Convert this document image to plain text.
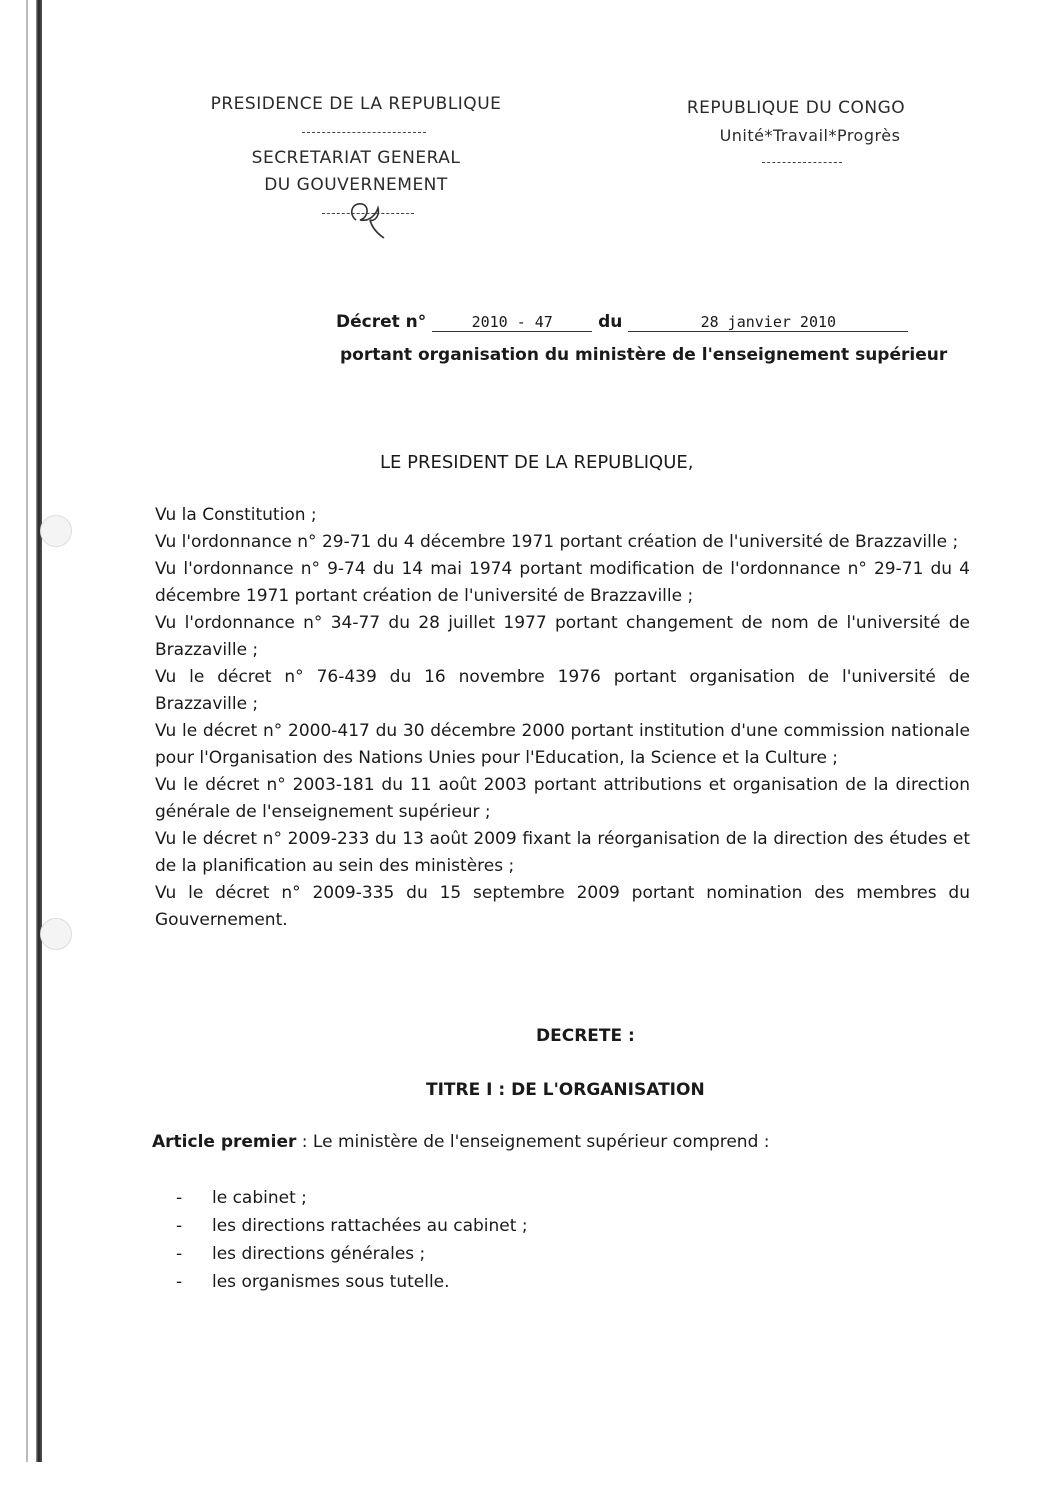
PRESIDENCE DE LA REPUBLIQUE
SECRETARIAT GENERAL
DU GOUVERNEMENT
REPUBLIQUE DU CONGO
Unité*Travail*Progrès
Décret n°	2010 - 47	du	28 janvier 2010
portant organisation du ministère de l'enseignement supérieur
LE PRESIDENT DE LA REPUBLIQUE,

Vu la Constitution ;

Vu l'ordonnance n° 29-71 du 4 décembre 1971 portant création de l'université de Brazzaville ;

Vu l'ordonnance n° 9-74 du 14 mai 1974 portant modification de l'ordonnance n° 29-71 du 4 décembre 1971 portant création de l'université de Brazzaville ;

Vu l'ordonnance n° 34-77 du 28 juillet 1977 portant changement de nom de l'université de Brazzaville ;

Vu le décret n° 76-439 du 16 novembre 1976 portant organisation de l'université de Brazzaville ;

Vu le décret n° 2000-417 du 30 décembre 2000 portant institution d'une commission nationale pour l'Organisation des Nations Unies pour l'Education, la Science et la Culture ;

Vu le décret n° 2003-181 du 11 août 2003 portant attributions et organisation de la direction générale de l'enseignement supérieur ;

Vu le décret n° 2009-233 du 13 août 2009 fixant la réorganisation de la direction des études et de la planification au sein des ministères ;

Vu le décret n° 2009-335 du 15 septembre 2009 portant nomination des membres du Gouvernement.

DECRETE :
TITRE I : DE L'ORGANISATION
Article premier : Le ministère de l'enseignement supérieur comprend :
-	le cabinet ;
-	les directions rattachées au cabinet ;
-	les directions générales ;
-	les organismes sous tutelle.
